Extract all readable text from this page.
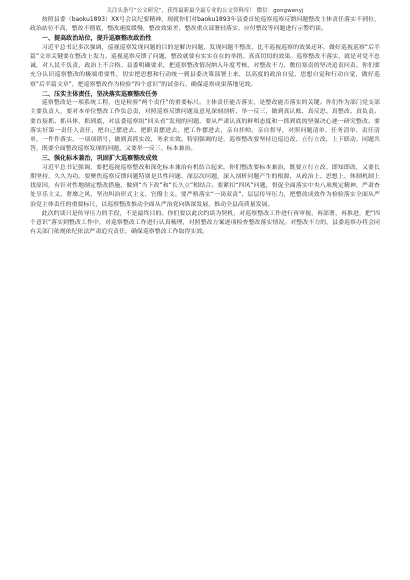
关注头条号“公文研究”，获得最新最全最专业的公文资料库！ 微信：gongwenyj

按照县委（baoku1893）XX号会议纪要精神，现就你们对baoku1893年县委首轮巡察巡察反馈问题整改主体责任落实不到位，政治站位不高，整改不彻底，整改速度缓慢，整改效果差，整改重点部署轻落实、应付整改等问题进行示警约谈。

一、提高政治站位，提升巡察整改政治性

习近平总书记多次强调，巡视巡察发现问题的目的是解决问题，发现问题不整改，比不巡视巡察的效果还坏，做好巡视巡察“后半篇”文章关键要在整改上发力。巡视巡察反馈了问题，整改就要有实实在在的举措、真真切切的效果。巡察整改不落实，就是对党不忠诚，对人民不负责，政治上不合格。县委明确要求，把巡察整改情况纳入年度考核，对整改不力、敷衍塞责的坚决追责问责。你们要充分认识巡察整改的极端重要性，切实把思想和行动统一到县委决策部署上来，以高度的政治自觉、思想自觉和行动自觉，做好巡察“后半篇文章”，把巡察整改作为检验“四个意识”的试金石，确保巡察成果落地见效。

二、压实主体责任，坚决落实巡察整改任务

巡察整改是一项系统工程，也是检验“两个责任”的重要标尺。主体责任能否落实，是整改能否落实的关键。你们作为部门党支部主要负责人，要对本单位整改工作负总责，对照巡察反馈问题及意见深刻剖析、举一反三，做到真认账、真反思、真整改、真负责。要直接抓、抓具体，抓到底，对县委巡察组“回头看”发现的问题，要从严肃认真的鲜明态度和一抓到底的坚强决心逐一研究整改。要落实好第一责任人责任，把自己摆进去、把职责摆进去、把工作摆进去，亲自挂帅、亲自督导，对照问题清单、任务清单、责任清单，一件件落实、一项项销号，做到真抓实改，务求实效。特别强调的是，巡察整改要坚持边巡边改、立行立改，上下联动、同题共答，既要全面整改巡察发现的问题，又要举一反三、标本兼治。

三、强化标本兼治，巩固扩大巡察整改成效

习近平总书记强调，要把巡视巡察整改和深化标本兼治有机结合起来。你们整改要标本兼治，既要立行立改、即知即改，又要长期坚持、久久为功。要聚焦巡察反馈问题特别是共性问题、深层次问题，深入剖析问题产生的根源，从政治上、思想上、体制机制上找原因，有针对性地制定整改措施，做到“当下改”和“长久立”相结合。要紧扣“四风”问题，督促全面落实中央八项规定精神，严肃查处享乐主义、奢靡之风，坚决纠治形式主义、官僚主义。要严格落实“一岗双责”，层层传导压力，把整改成效作为检验落实全面从严治党主体责任的重要标尺，以巡察整改推动全面从严治党向纵深发展，推动全县高质量发展。

此次约谈只是传导压力的手段，不是最终目的。你们要以此次约谈为契机，对巡察整改工作进行再审视、再部署、再推进，把“四个意识”落实到整改工作中，对巡察整改工作进行认真梳理，对照整改方案逐项检查整改落实情况。对整改不力的，县委巡察办将会同有关部门依规依纪依法严肃追究责任，确保巡察整改工作取得实效。
